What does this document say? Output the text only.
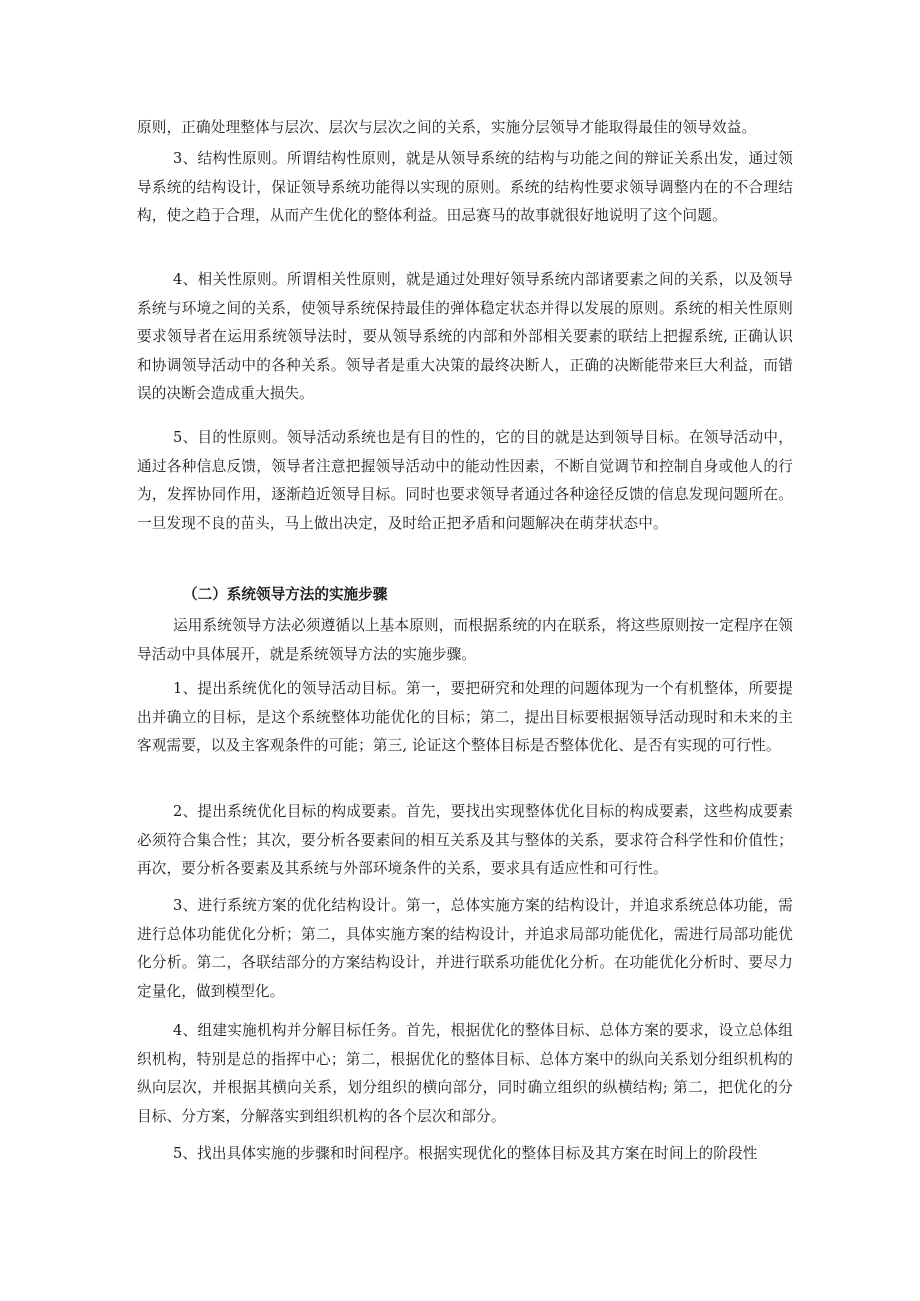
原则，正确处理整体与层次、层次与层次之间的关系，实施分层领导才能取得最佳的领导效益。

3、结构性原则。所谓结构性原则，就是从领导系统的结构与功能之间的辩证关系出发，通过领导系统的结构设计，保证领导系统功能得以实现的原则。系统的结构性要求领导调整内在的不合理结构，使之趋于合理，从而产生优化的整体利益。田忌赛马的故事就很好地说明了这个问题。

4、相关性原则。所谓相关性原则，就是通过处理好领导系统内部诸要素之间的关系，以及领导系统与环境之间的关系，使领导系统保持最佳的弹体稳定状态并得以发展的原则。系统的相关性原则要求领导者在运用系统领导法时，要从领导系统的内部和外部相关要素的联结上把握系统, 正确认识和协调领导活动中的各种关系。领导者是重大决策的最终决断人，正确的决断能带来巨大利益，而错误的决断会造成重大损失。

5、目的性原则。领导活动系统也是有目的性的，它的目的就是达到领导目标。在领导活动中，通过各种信息反馈，领导者注意把握领导活动中的能动性因素，不断自觉调节和控制自身或他人的行为，发挥协同作用，逐渐趋近领导目标。同时也要求领导者通过各种途径反馈的信息发现问题所在。一旦发现不良的苗头，马上做出决定，及时给正把矛盾和问题解决在萌芽状态中。

（二）系统领导方法的实施步骤

运用系统领导方法必须遵循以上基本原则，而根据系统的内在联系，将这些原则按一定程序在领导活动中具体展开，就是系统领导方法的实施步骤。

1、提出系统优化的领导活动目标。第一，要把研究和处理的问题体现为一个有机整体，所要提出并确立的目标，是这个系统整体功能优化的目标；第二，提出目标要根据领导活动现时和未来的主客观需要，以及主客观条件的可能；第三, 论证这个整体目标是否整体优化、是否有实现的可行性。

2、提出系统优化目标的构成要素。首先，要找出实现整体优化目标的构成要素，这些构成要素必须符合集合性；其次，要分析各要素间的相互关系及其与整体的关系，要求符合科学性和价值性；再次，要分析各要素及其系统与外部环境条件的关系，要求具有适应性和可行性。

3、进行系统方案的优化结构设计。第一，总体实施方案的结构设计，并追求系统总体功能，需进行总体功能优化分析；第二，具体实施方案的结构设计，并追求局部功能优化，需进行局部功能优化分析。第二，各联结部分的方案结构设计，并进行联系功能优化分析。在功能优化分析时、要尽力定量化，做到模型化。

4、组建实施机构并分解目标任务。首先，根据优化的整体目标、总体方案的要求，设立总体组织机构，特别是总的指挥中心；第二，根据优化的整体目标、总体方案中的纵向关系划分组织机构的纵向层次，并根据其横向关系，划分组织的横向部分，同时确立组织的纵横结构; 第二，把优化的分目标、分方案，分解落实到组织机构的各个层次和部分。

5、找出具体实施的步骤和时间程序。根据实现优化的整体目标及其方案在时间上的阶段性
